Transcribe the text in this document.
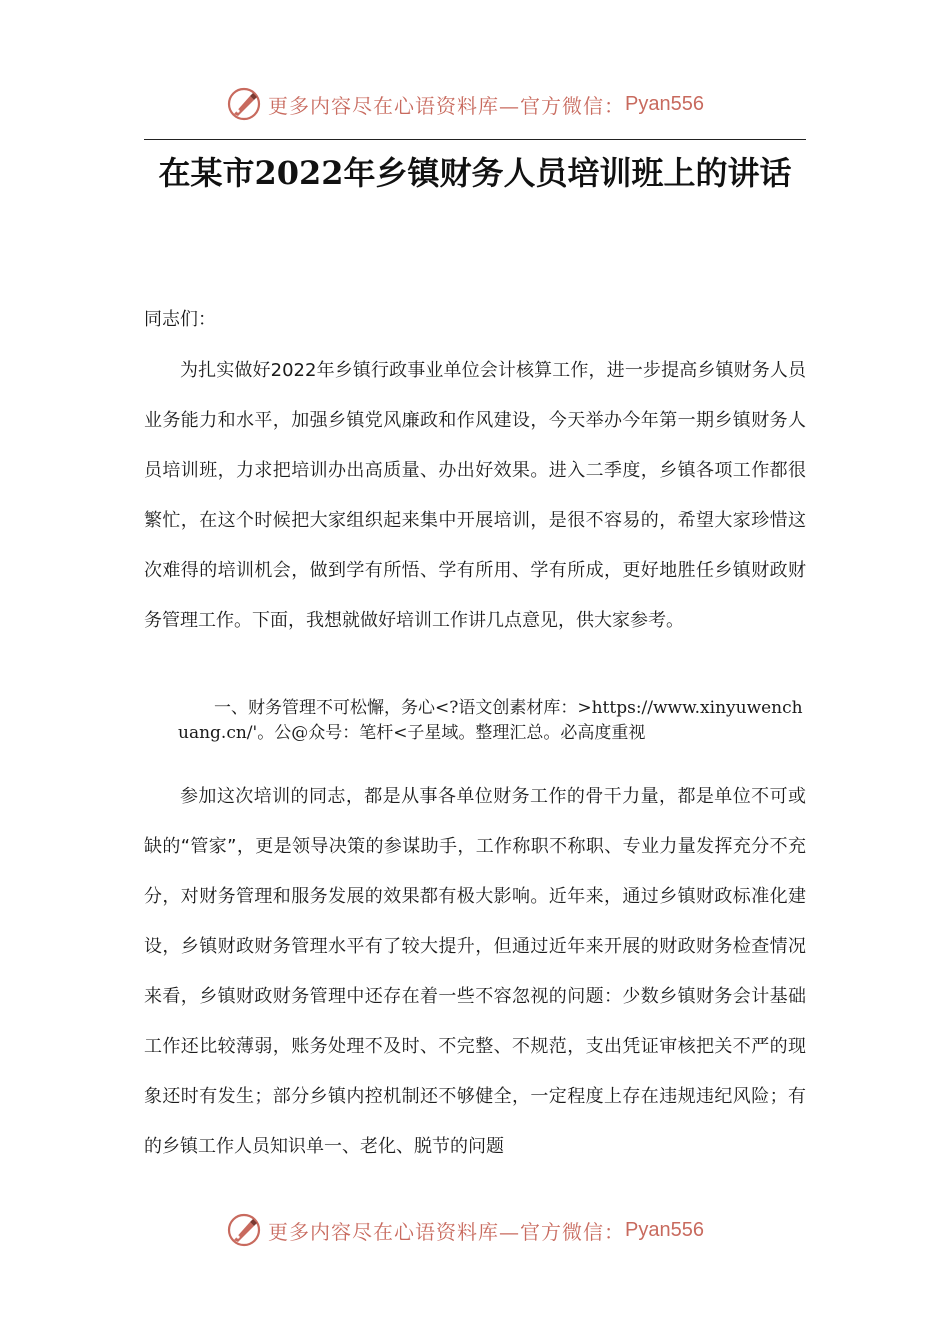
更多内容尽在心语资料库—官方微信： Pyan556
在某市2022年乡镇财务人员培训班上的讲话

同志们：

为扎实做好2022年乡镇行政事业单位会计核算工作，进一步提高乡镇财务人员业务能力和水平，加强乡镇党风廉政和作风建设，今天举办今年第一期乡镇财务人员培训班，力求把培训办出高质量、办出好效果。进入二季度，乡镇各项工作都很繁忙，在这个时候把大家组织起来集中开展培训，是很不容易的，希望大家珍惜这次难得的培训机会，做到学有所悟、学有所用、学有所成，更好地胜任乡镇财政财务管理工作。下面，我想就做好培训工作讲几点意见，供大家参考。

一、财务管理不可松懈，务心<?语文创素材库：>https://www.xinyuwenchuang.cn/'。公@众号：笔杆<子星域。整理汇总。必高度重视

参加这次培训的同志，都是从事各单位财务工作的骨干力量，都是单位不可或缺的“管家”，更是领导决策的参谋助手，工作称职不称职、专业力量发挥充分不充分，对财务管理和服务发展的效果都有极大影响。近年来，通过乡镇财政标准化建设，乡镇财政财务管理水平有了较大提升，但通过近年来开展的财政财务检查情况来看，乡镇财政财务管理中还存在着一些不容忽视的问题：少数乡镇财务会计基础工作还比较薄弱，账务处理不及时、不完整、不规范，支出凭证审核把关不严的现象还时有发生；部分乡镇内控机制还不够健全，一定程度上存在违规违纪风险；有的乡镇工作人员知识单一、老化、脱节的问题

更多内容尽在心语资料库—官方微信： Pyan556
